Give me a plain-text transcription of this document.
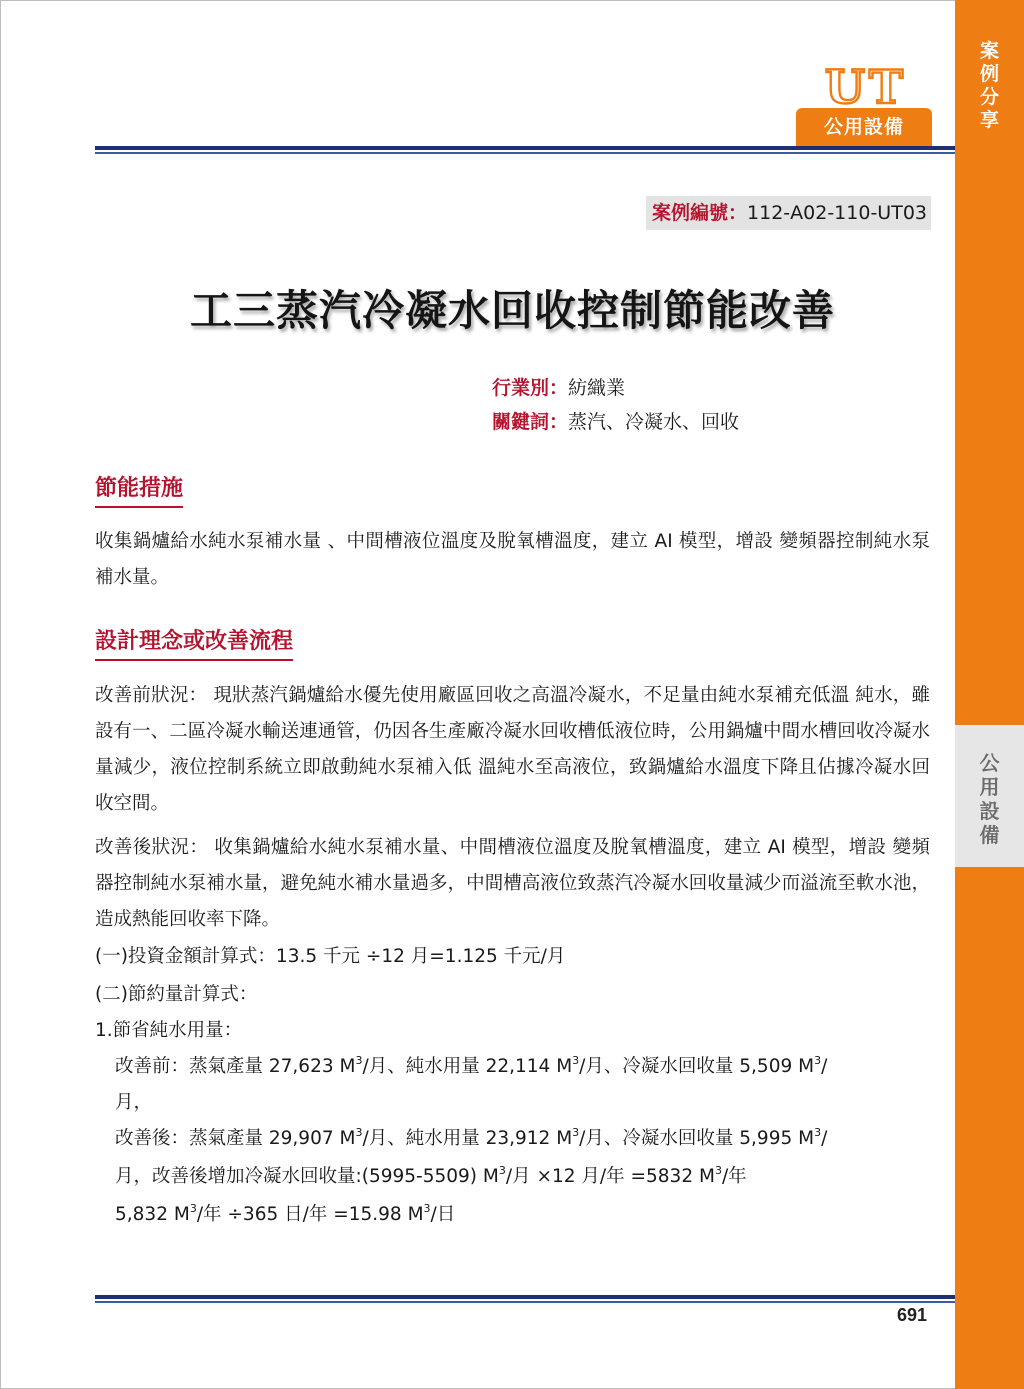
案
例
分
享
公
用
設
備
UT
公用設備
案例編號：112-A02-110-UT03
工三蒸汽冷凝水回收控制節能改善
行業別：紡織業
關鍵詞：蒸汽、冷凝水、回收
節能措施
收集鍋爐給水純水泵補水量 、中間槽液位溫度及脫氧槽溫度，建立 AI 模型，增設 變頻器控制純水泵補水量。
設計理念或改善流程
改善前狀況： 現狀蒸汽鍋爐給水優先使用廠區回收之高溫冷凝水，不足量由純水泵補充低溫 純水，雖設有一、二區冷凝水輸送連通管，仍因各生產廠冷凝水回收槽低液位時，公用鍋爐中間水槽回收冷凝水量減少，液位控制系統立即啟動純水泵補入低 溫純水至高液位，致鍋爐給水溫度下降且佔據冷凝水回收空間。
改善後狀況： 收集鍋爐給水純水泵補水量、中間槽液位溫度及脫氧槽溫度，建立 AI 模型，增設 變頻器控制純水泵補水量，避免純水補水量過多，中間槽高液位致蒸汽冷凝水回收量減少而溢流至軟水池，造成熱能回收率下降。
(一)投資金額計算式：13.5 千元 ÷12 月=1.125 千元/月
(二)節約量計算式：
1.節省純水用量：
改善前：蒸氣產量 27,623 $M^3/$月、純水用量 22,114 $M^3/$月、冷凝水回收量 5,509 $M^3/$
月，
改善後：蒸氣產量 29,907 $M^3/$月、純水用量 23,912 $M^3/$月、冷凝水回收量 5,995 $M^3/$
月，改善後增加冷凝水回收量:(5995-5509) $M^3/$月 ×12 月/年 =5832 $M^3/$年
5,832 $M^3/$年 ÷365 日/年 =15.98 $M^3/$日
691
